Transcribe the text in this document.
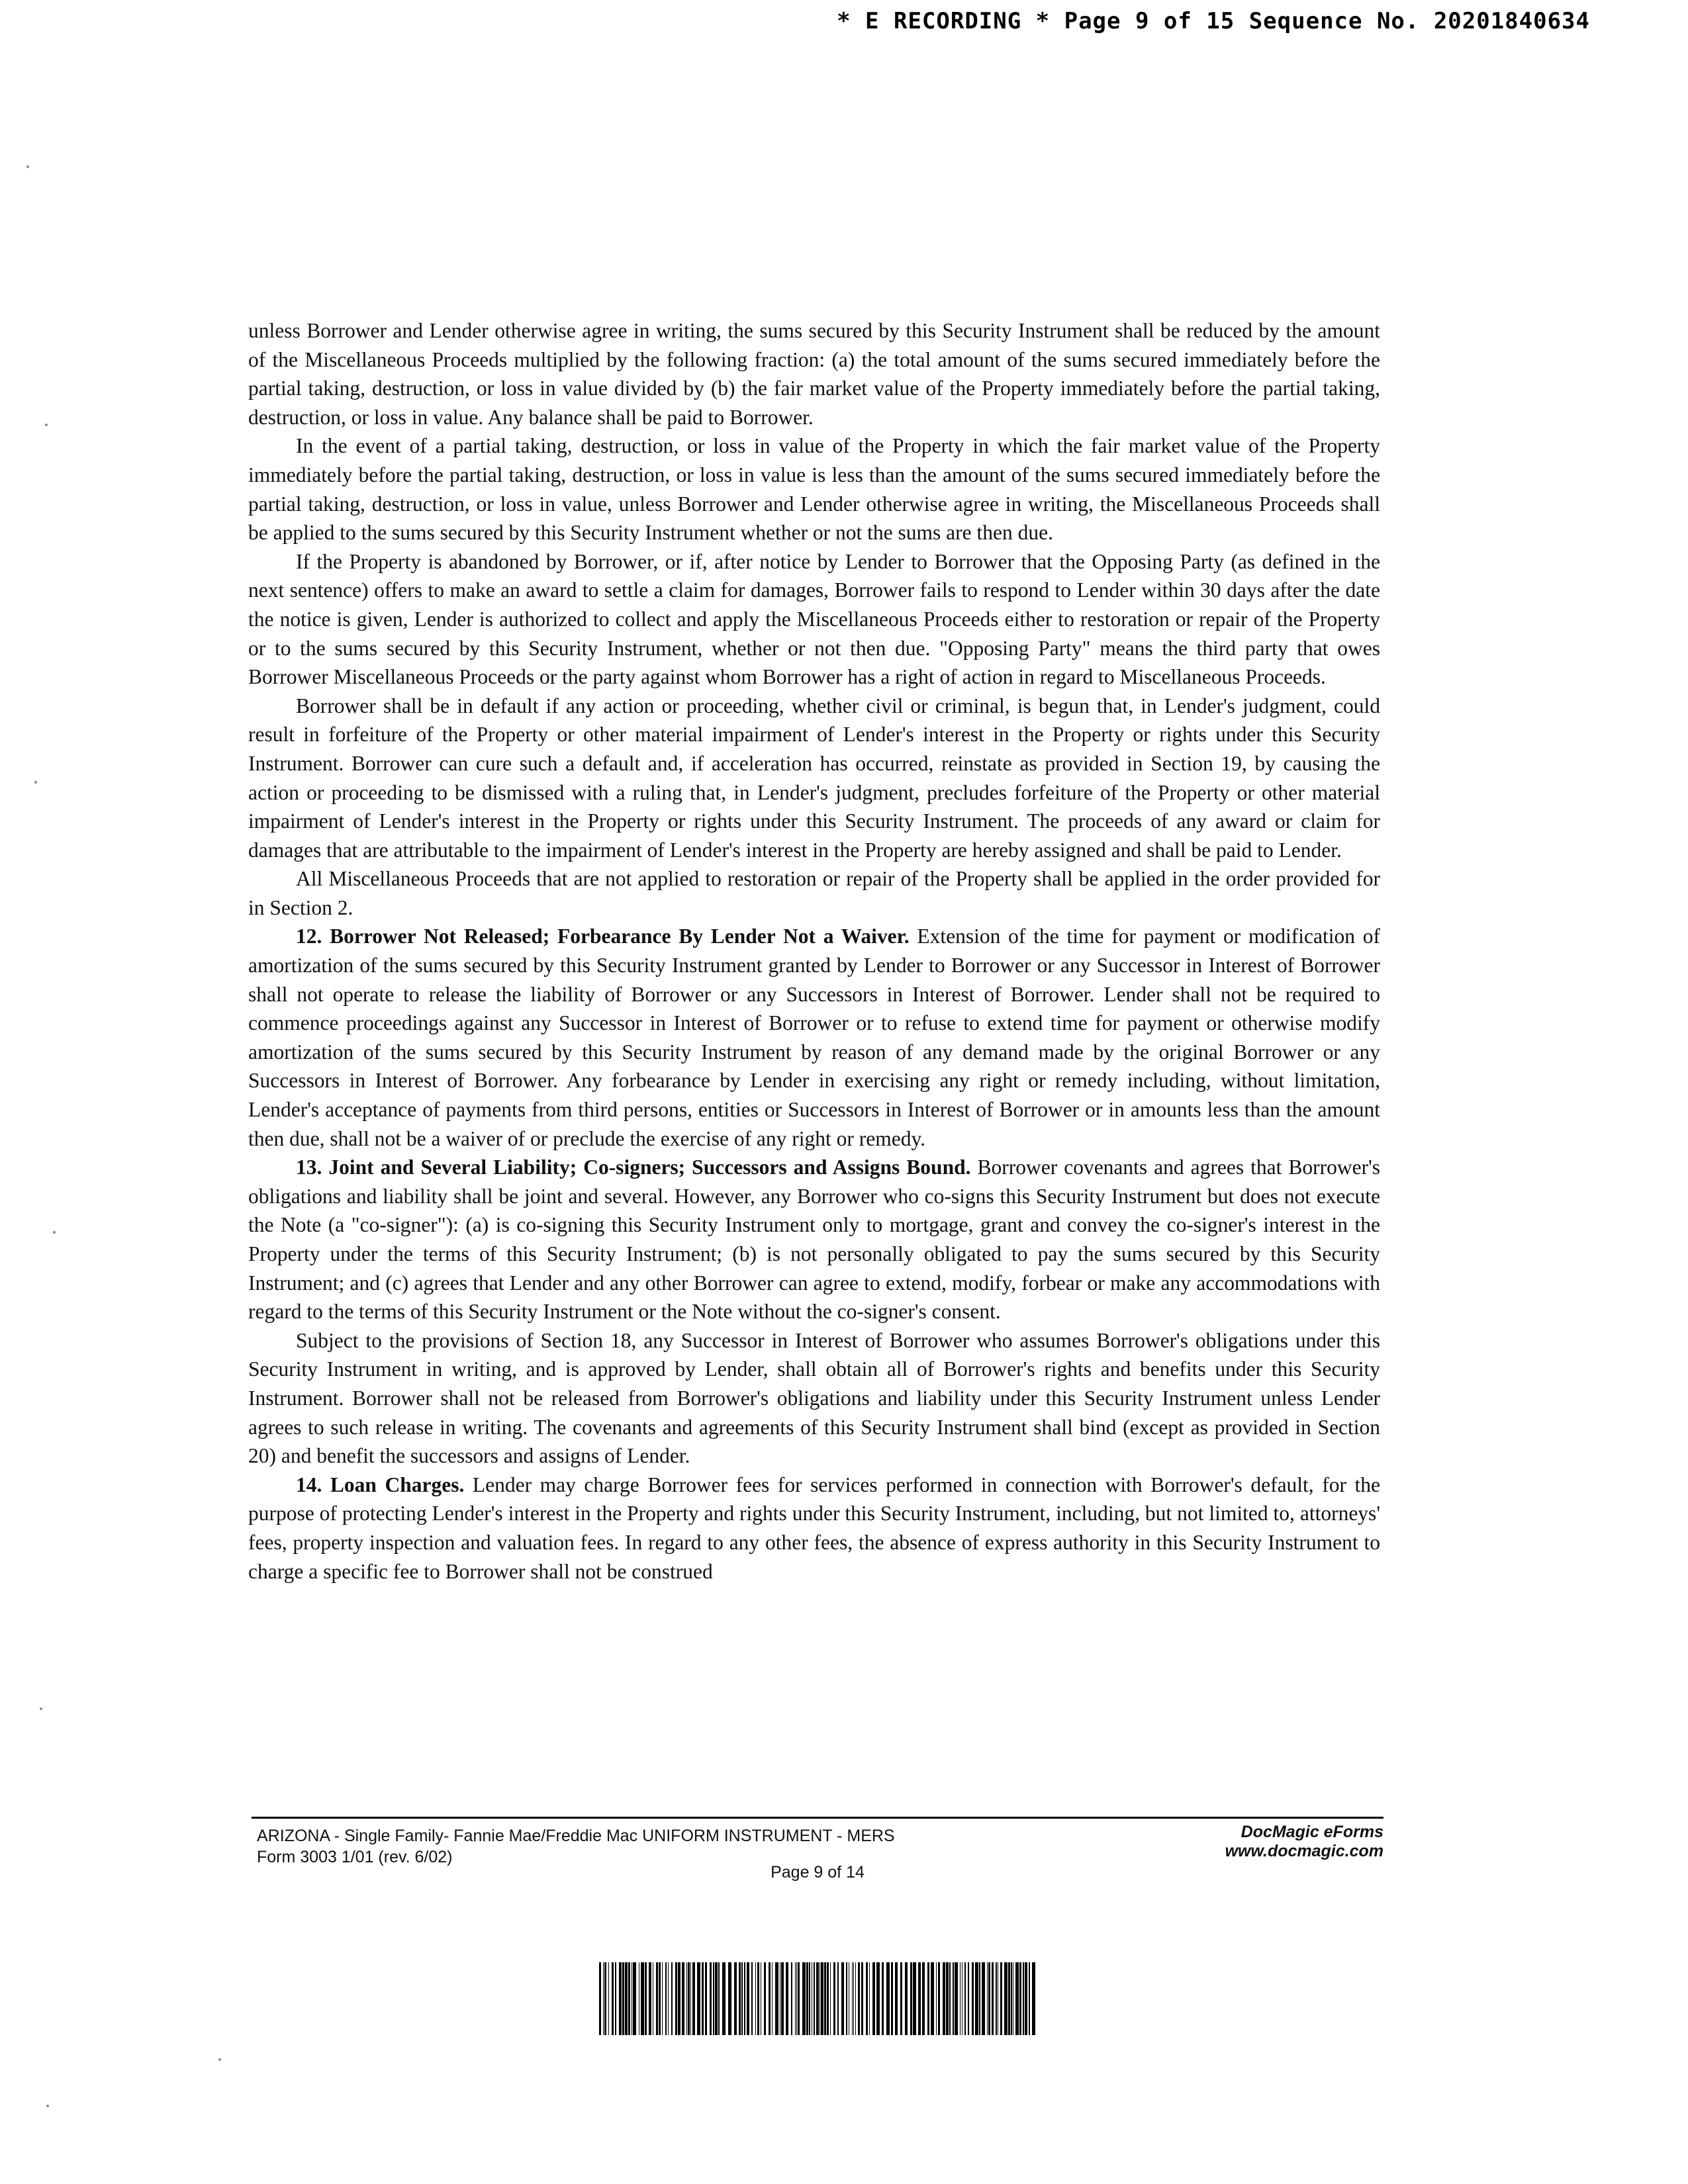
* E RECORDING * Page 9 of 15 Sequence No. 20201840634

unless Borrower and Lender otherwise agree in writing, the sums secured by this Security Instrument shall be reduced by the amount of the Miscellaneous Proceeds multiplied by the following fraction: (a) the total amount of the sums secured immediately before the partial taking, destruction, or loss in value divided by (b) the fair market value of the Property immediately before the partial taking, destruction, or loss in value. Any balance shall be paid to Borrower.

In the event of a partial taking, destruction, or loss in value of the Property in which the fair market value of the Property immediately before the partial taking, destruction, or loss in value is less than the amount of the sums secured immediately before the partial taking, destruction, or loss in value, unless Borrower and Lender otherwise agree in writing, the Miscellaneous Proceeds shall be applied to the sums secured by this Security Instrument whether or not the sums are then due.

If the Property is abandoned by Borrower, or if, after notice by Lender to Borrower that the Opposing Party (as defined in the next sentence) offers to make an award to settle a claim for damages, Borrower fails to respond to Lender within 30 days after the date the notice is given, Lender is authorized to collect and apply the Miscellaneous Proceeds either to restoration or repair of the Property or to the sums secured by this Security Instrument, whether or not then due. "Opposing Party" means the third party that owes Borrower Miscellaneous Proceeds or the party against whom Borrower has a right of action in regard to Miscellaneous Proceeds.

Borrower shall be in default if any action or proceeding, whether civil or criminal, is begun that, in Lender's judgment, could result in forfeiture of the Property or other material impairment of Lender's interest in the Property or rights under this Security Instrument. Borrower can cure such a default and, if acceleration has occurred, reinstate as provided in Section 19, by causing the action or proceeding to be dismissed with a ruling that, in Lender's judgment, precludes forfeiture of the Property or other material impairment of Lender's interest in the Property or rights under this Security Instrument. The proceeds of any award or claim for damages that are attributable to the impairment of Lender's interest in the Property are hereby assigned and shall be paid to Lender.

All Miscellaneous Proceeds that are not applied to restoration or repair of the Property shall be applied in the order provided for in Section 2.

12. Borrower Not Released; Forbearance By Lender Not a Waiver. Extension of the time for payment or modification of amortization of the sums secured by this Security Instrument granted by Lender to Borrower or any Successor in Interest of Borrower shall not operate to release the liability of Borrower or any Successors in Interest of Borrower. Lender shall not be required to commence proceedings against any Successor in Interest of Borrower or to refuse to extend time for payment or otherwise modify amortization of the sums secured by this Security Instrument by reason of any demand made by the original Borrower or any Successors in Interest of Borrower. Any forbearance by Lender in exercising any right or remedy including, without limitation, Lender's acceptance of payments from third persons, entities or Successors in Interest of Borrower or in amounts less than the amount then due, shall not be a waiver of or preclude the exercise of any right or remedy.

13. Joint and Several Liability; Co-signers; Successors and Assigns Bound. Borrower covenants and agrees that Borrower's obligations and liability shall be joint and several. However, any Borrower who co-signs this Security Instrument but does not execute the Note (a "co-signer"): (a) is co-signing this Security Instrument only to mortgage, grant and convey the co-signer's interest in the Property under the terms of this Security Instrument; (b) is not personally obligated to pay the sums secured by this Security Instrument; and (c) agrees that Lender and any other Borrower can agree to extend, modify, forbear or make any accommodations with regard to the terms of this Security Instrument or the Note without the co-signer's consent.

Subject to the provisions of Section 18, any Successor in Interest of Borrower who assumes Borrower's obligations under this Security Instrument in writing, and is approved by Lender, shall obtain all of Borrower's rights and benefits under this Security Instrument. Borrower shall not be released from Borrower's obligations and liability under this Security Instrument unless Lender agrees to such release in writing. The covenants and agreements of this Security Instrument shall bind (except as provided in Section 20) and benefit the successors and assigns of Lender.

14. Loan Charges. Lender may charge Borrower fees for services performed in connection with Borrower's default, for the purpose of protecting Lender's interest in the Property and rights under this Security Instrument, including, but not limited to, attorneys' fees, property inspection and valuation fees. In regard to any other fees, the absence of express authority in this Security Instrument to charge a specific fee to Borrower shall not be construed

ARIZONA - Single Family- Fannie Mae/Freddie Mac UNIFORM INSTRUMENT - MERS
Form 3003 1/01 (rev. 6/02)
DocMagic eForms
www.docmagic.com
Page 9 of 14
